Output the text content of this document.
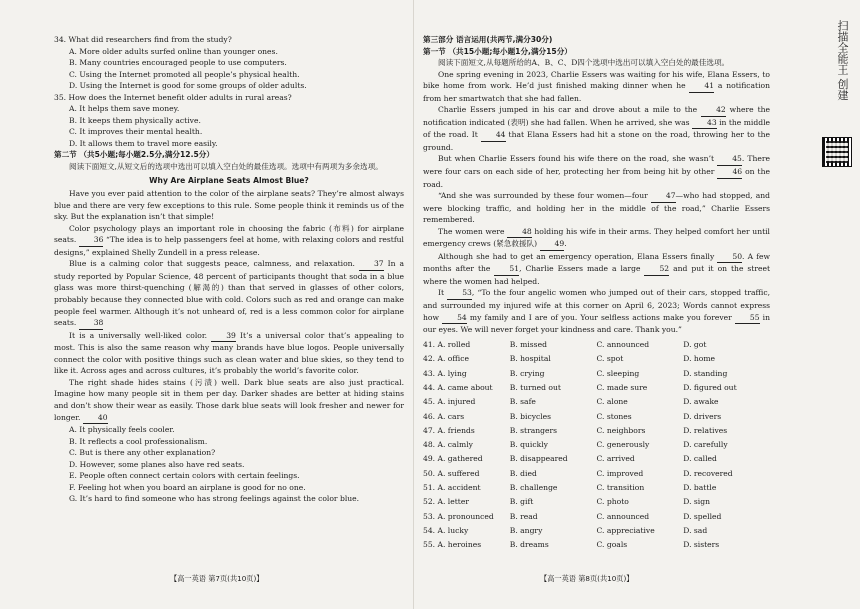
34. What did researchers find from the study?

A. More older adults surfed online than younger ones.

B. Many countries encouraged people to use computers.

C. Using the Internet promoted all people’s physical health.

D. Using the Internet is good for some groups of older adults.

35. How does the Internet benefit older adults in rural areas?

A. It helps them save money.

B. It keeps them physically active.

C. It improves their mental health.

D. It allows them to travel more easily.

第二节 （共5小题;每小题2.5分,满分12.5分）

阅读下面短文,从短文后的选项中选出可以填入空白处的最佳选项。选项中有两项为多余选项。

Why Are Airplane Seats Almost Blue?

Have you ever paid attention to the color of the airplane seats? They’re almost always blue and there are very few exceptions to this rule. Some people think it reminds us of the sky. But the explanation isn’t that simple!

Color psychology plays an important role in choosing the fabric (布料) for airplane seats. 36 “The idea is to help passengers feel at home, with relaxing colors and restful designs,” explained Shelly Zundell in a press release.

Blue is a calming color that suggests peace, calmness, and relaxation. 37 In a study reported by Popular Science, 48 percent of participants thought that soda in a blue glass was more thirst-quenching (解渴的) than that served in glasses of other colors, probably because they connected blue with cold. Colors such as red and orange can make people feel warmer. Although it’s not unheard of, red is a less common color for airplane seats. 38

It is a universally well-liked color.	39 It’s a universal color that’s appealing to most. This is also the same reason why many brands have blue logos. People universally connect the color with positive things such as clean water and blue skies, so they tend to like it. Across ages and across cultures, it’s probably the world’s favorite color.

The right shade hides stains (污渍) well. Dark blue seats are also just practical. Imagine how many people sit in them per day. Darker shades are better at hiding stains and don’t show their wear as easily. Those dark blue seats will look fresher and newer for longer. 40

A. It physically feels cooler.

B. It reflects a cool professionalism.

C. But is there any other explanation?

D. However, some planes also have red seats.

E. People often connect certain colors with certain feelings.

F. Feeling hot when you board an airplane is good for no one.

G. It’s hard to find someone who has strong feelings against the color blue.

【高一英语 第7页(共10页)】

第三部分 语言运用(共两节,满分30分)

第一节 （共15小题;每小题1分,满分15分）

阅读下面短文,从每题所给的A、B、C、D四个选项中选出可以填入空白处的最佳选项。

One spring evening in 2023, Charlie Essers was waiting for his wife, Elana Essers, to bike home from work. He’d just finished making dinner when he 41 a notification from her smartwatch that she had fallen.

Charlie Essers jumped in his car and drove about a mile to the 42 where the notification indicated (表明) she had fallen. When he arrived, she was 43 in the middle of the road. It 44 that Elana Essers had hit a stone on the road, throwing her to the ground.

But when Charlie Essers found his wife there on the road, she wasn’t 45. There were four cars on each side of her, protecting her from being hit by other 46 on the road.

“And she was surrounded by these four women—four 47—who had stopped, and were blocking traffic, and holding her in the middle of the road,” Charlie Essers remembered.

The women were 48 holding his wife in their arms. They helped comfort her until emergency crews (紧急救援队) 49.

Although she had to get an emergency operation, Elana Essers finally 50. A few months after the 51, Charlie Essers made a large 52 and put it on the street where the women had helped.

It 53, “To the four angelic women who jumped out of their cars, stopped traffic, and surrounded my injured wife at this corner on April 6, 2023; Words cannot express how 54 my family and I are of you. Your selfless actions make you forever 55 in our eyes. We will never forget your kindness and care. Thank you.”

41. A. rolled	B. missed	C. announced	D. got
42. A. office	B. hospital	C. spot	D. home
43. A. lying	B. crying	C. sleeping	D. standing
44. A. came about	B. turned out	C. made sure	D. figured out
45. A. injured	B. safe	C. alone	D. awake
46. A. cars	B. bicycles	C. stones	D. drivers
47. A. friends	B. strangers	C. neighbors	D. relatives
48. A. calmly	B. quickly	C. generously	D. carefully
49. A. gathered	B. disappeared	C. arrived	D. called
50. A. suffered	B. died	C. improved	D. recovered
51. A. accident	B. challenge	C. transition	D. battle
52. A. letter	B. gift	C. photo	D. sign
53. A. pronounced	B. read	C. announced	D. spelled
54. A. lucky	B. angry	C. appreciative	D. sad
55. A. heroines	B. dreams	C. goals	D. sisters
【高一英语 第8页(共10页)】
扫描全能王 创建
